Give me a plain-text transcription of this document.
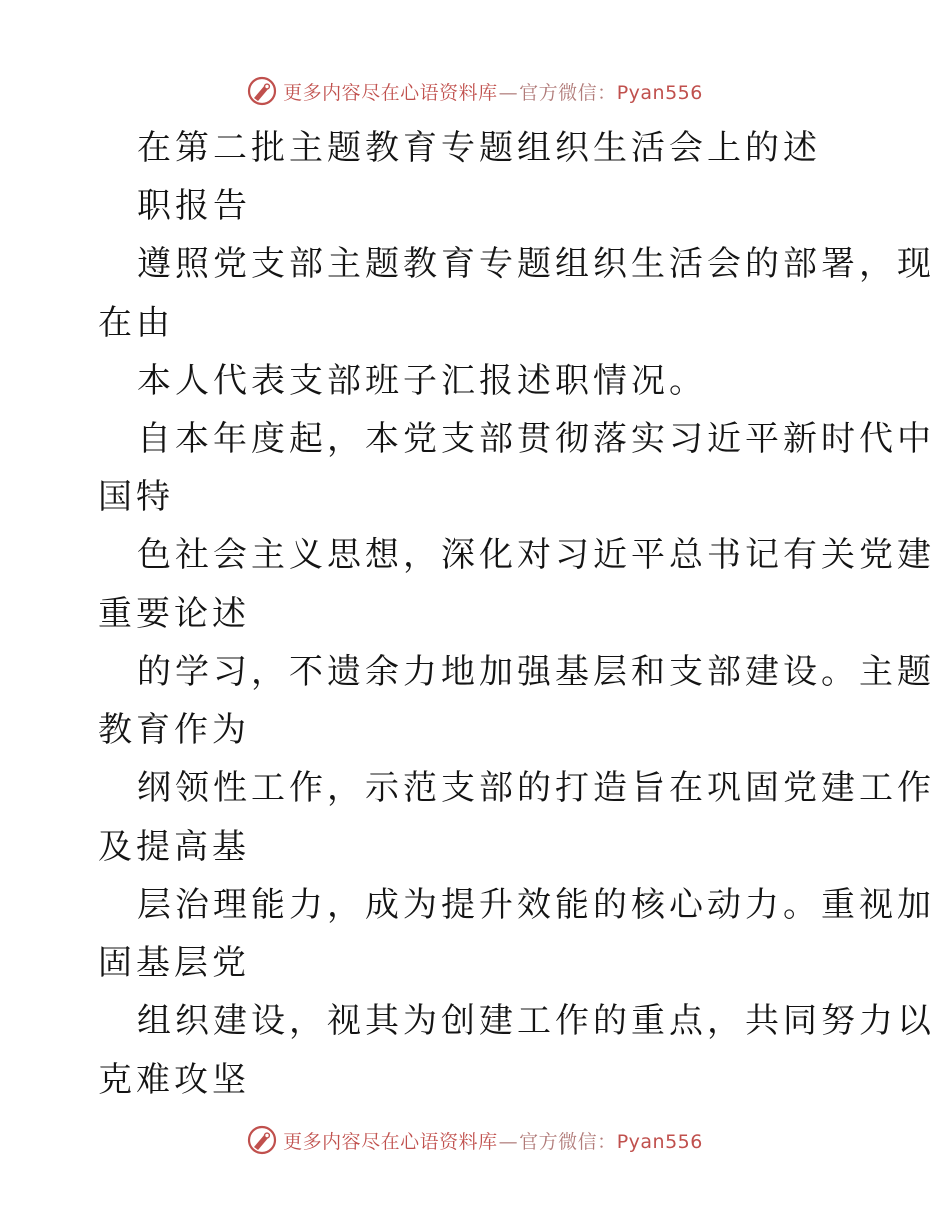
更多内容尽在心语资料库—官方微信：Pyan556
在第二批主题教育专题组织生活会上的述
职报告
遵照党支部主题教育专题组织生活会的部署，现
在由
本人代表支部班子汇报述职情况。
自本年度起，本党支部贯彻落实习近平新时代中
国特
色社会主义思想，深化对习近平总书记有关党建
重要论述
的学习，不遗余力地加强基层和支部建设。主题
教育作为
纲领性工作，示范支部的打造旨在巩固党建工作
及提高基
层治理能力，成为提升效能的核心动力。重视加
固基层党
组织建设，视其为创建工作的重点，共同努力以
克难攻坚
更多内容尽在心语资料库—官方微信：Pyan556
